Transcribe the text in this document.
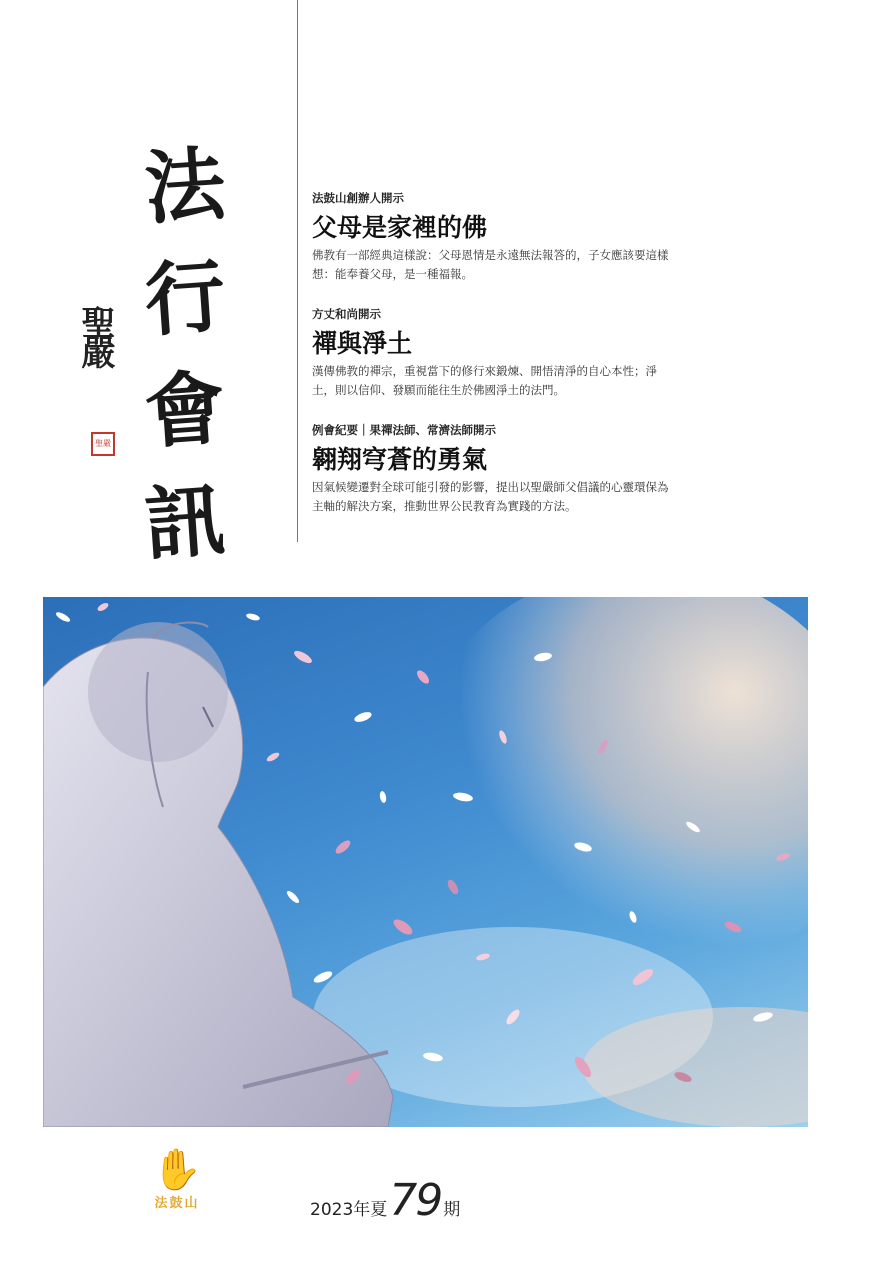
法
行
會
訊
聖嚴
聖嚴
法鼓山創辦人開示
父母是家裡的佛
佛教有一部經典這樣說：父母恩情是永遠無法報答的，子女應該要這樣想：能奉養父母，是一種福報。
方丈和尚開示
禪與淨土
漢傳佛教的禪宗，重視當下的修行來鍛煉、開悟清淨的自心本性；淨土，則以信仰、發願而能往生於佛國淨土的法門。
例會紀要｜果禪法師、常濟法師開示
翱翔穹蒼的勇氣
因氣候變遷對全球可能引發的影響，提出以聖嚴師父倡議的心靈環保為主軸的解決方案，推動世界公民教育為實踐的方法。
✋
法鼓山	2023年夏79 期
